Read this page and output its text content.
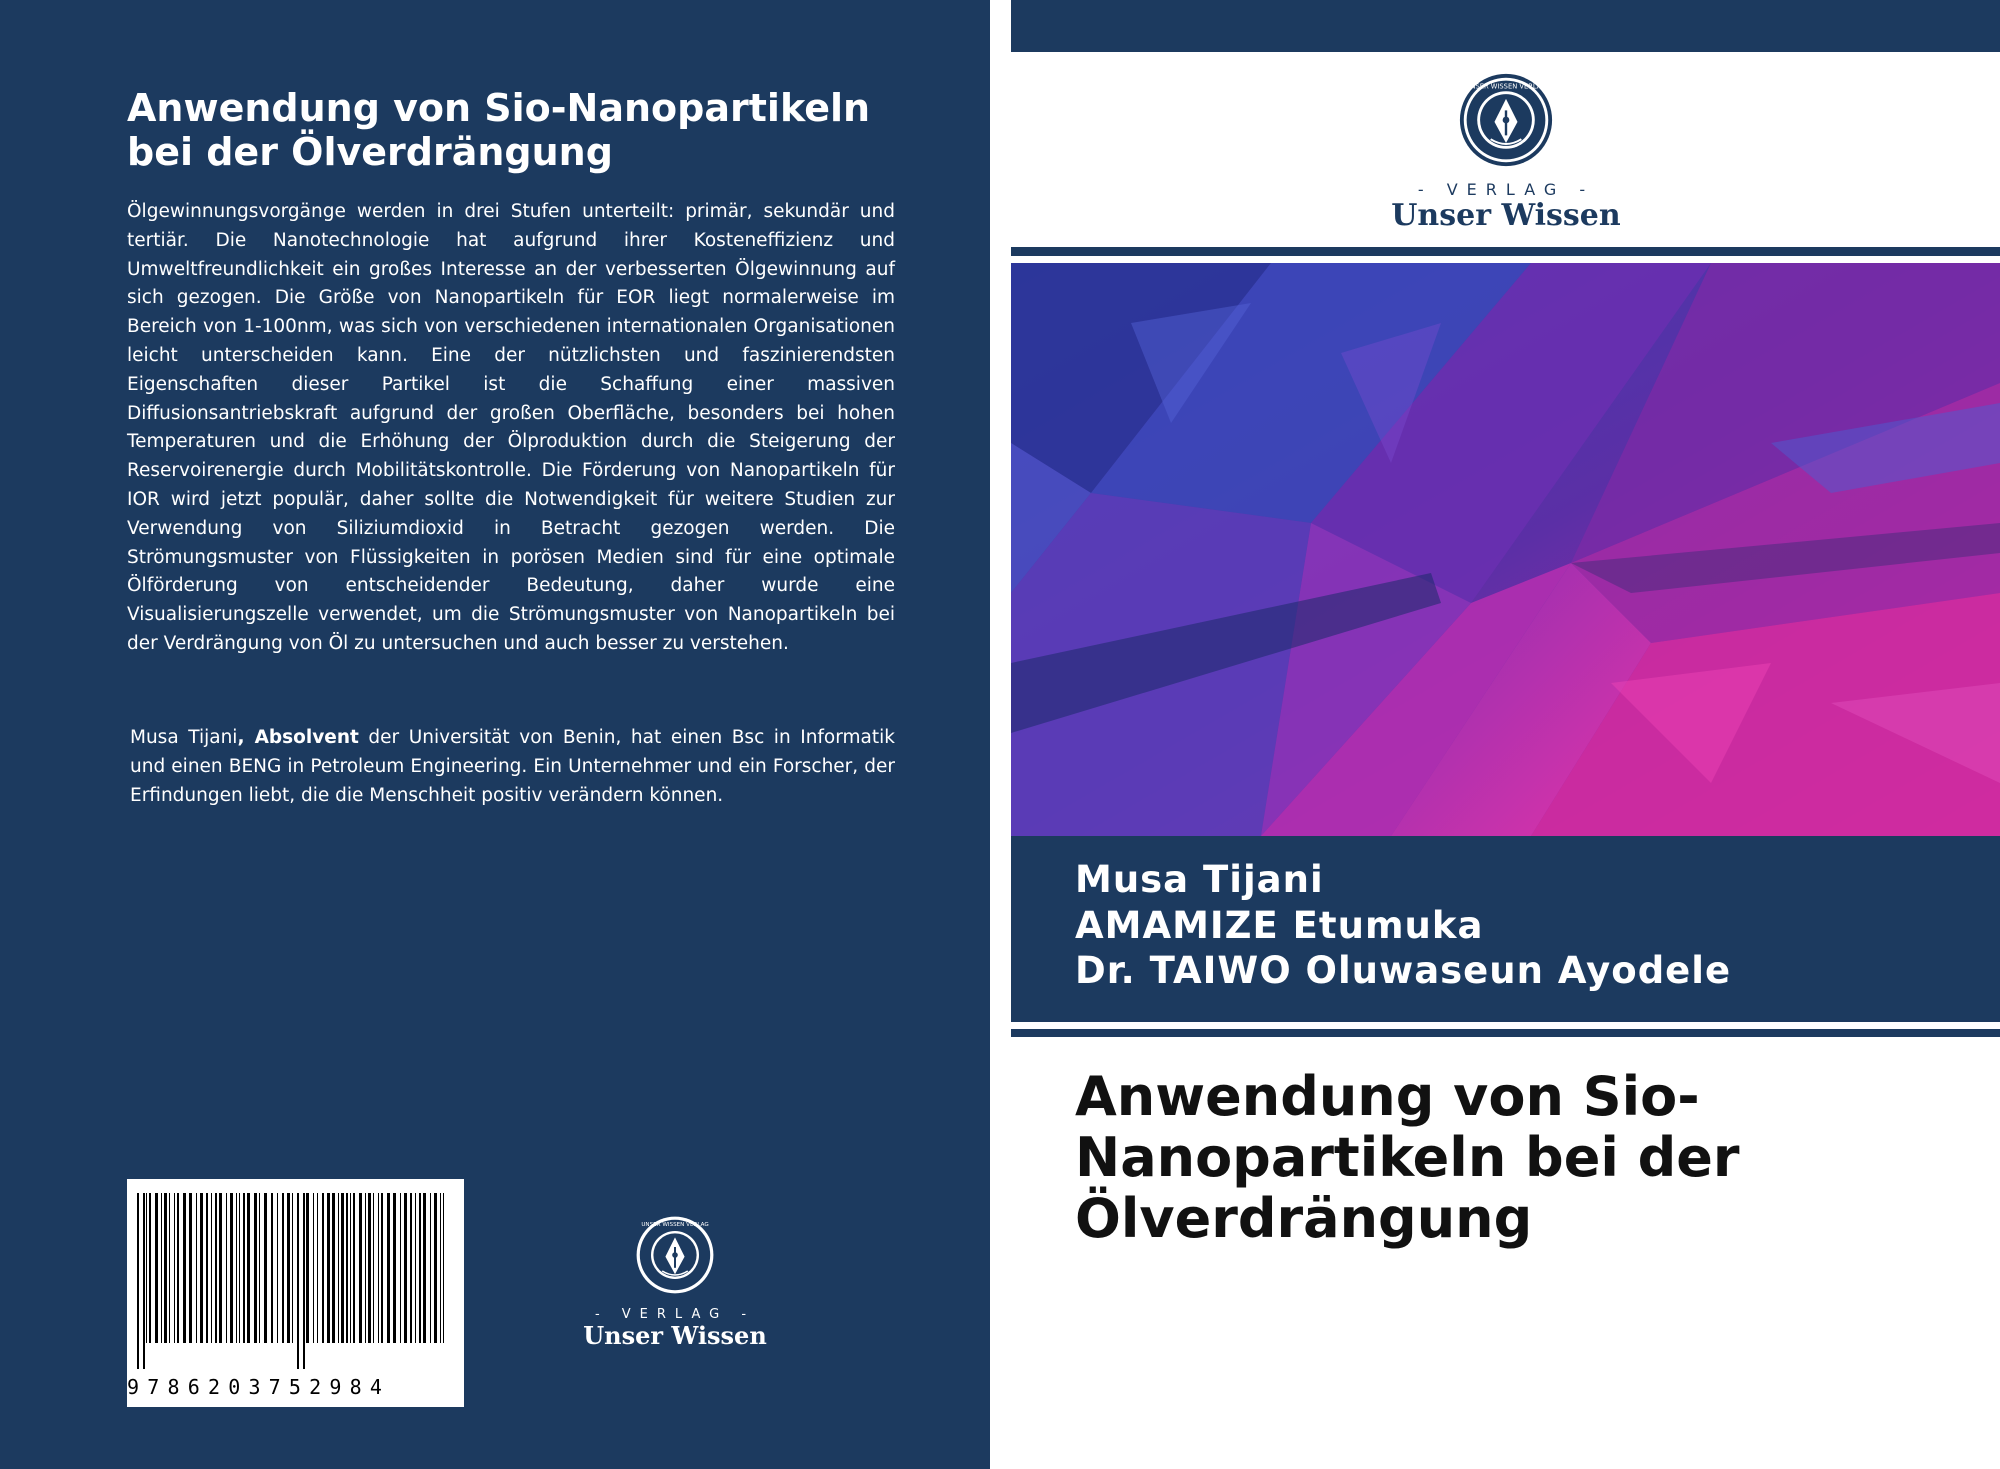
Anwendung von Sio-Nanopartikeln bei der Ölverdrängung

Ölgewinnungsvorgänge werden in drei Stufen unterteilt: primär, sekundär und tertiär. Die Nanotechnologie hat aufgrund ihrer Kosteneffizienz und Umweltfreundlichkeit ein großes Interesse an der verbesserten Ölgewinnung auf sich gezogen. Die Größe von Nanopartikeln für EOR liegt normalerweise im Bereich von 1-100nm, was sich von verschiedenen internationalen Organisationen leicht unterscheiden kann. Eine der nützlichsten und faszinierendsten Eigenschaften dieser Partikel ist die Schaffung einer massiven Diffusionsantriebskraft aufgrund der großen Oberfläche, besonders bei hohen Temperaturen und die Erhöhung der Ölproduktion durch die Steigerung der Reservoirenergie durch Mobilitätskontrolle. Die Förderung von Nanopartikeln für IOR wird jetzt populär, daher sollte die Notwendigkeit für weitere Studien zur Verwendung von Siliziumdioxid in Betracht gezogen werden. Die Strömungsmuster von Flüssigkeiten in porösen Medien sind für eine optimale Ölförderung von entscheidender Bedeutung, daher wurde eine Visualisierungszelle verwendet, um die Strömungsmuster von Nanopartikeln bei der Verdrängung von Öl zu untersuchen und auch besser zu verstehen.

Musa Tijani, Absolvent der Universität von Benin, hat einen Bsc in Informatik und einen BENG in Petroleum Engineering. Ein Unternehmer und ein Forscher, der Erfindungen liebt, die die Menschheit positiv verändern können.

9786203752984
UNSER WISSEN VERLAG
- VERLAG -
Unser Wissen
UNSER WISSEN VERLAG
- VERLAG -
Unser Wissen
Musa Tijani
AMAMIZE Etumuka
Dr. TAIWO Oluwaseun Ayodele
Anwendung von Sio-Nanopartikeln bei der Ölverdrängung
